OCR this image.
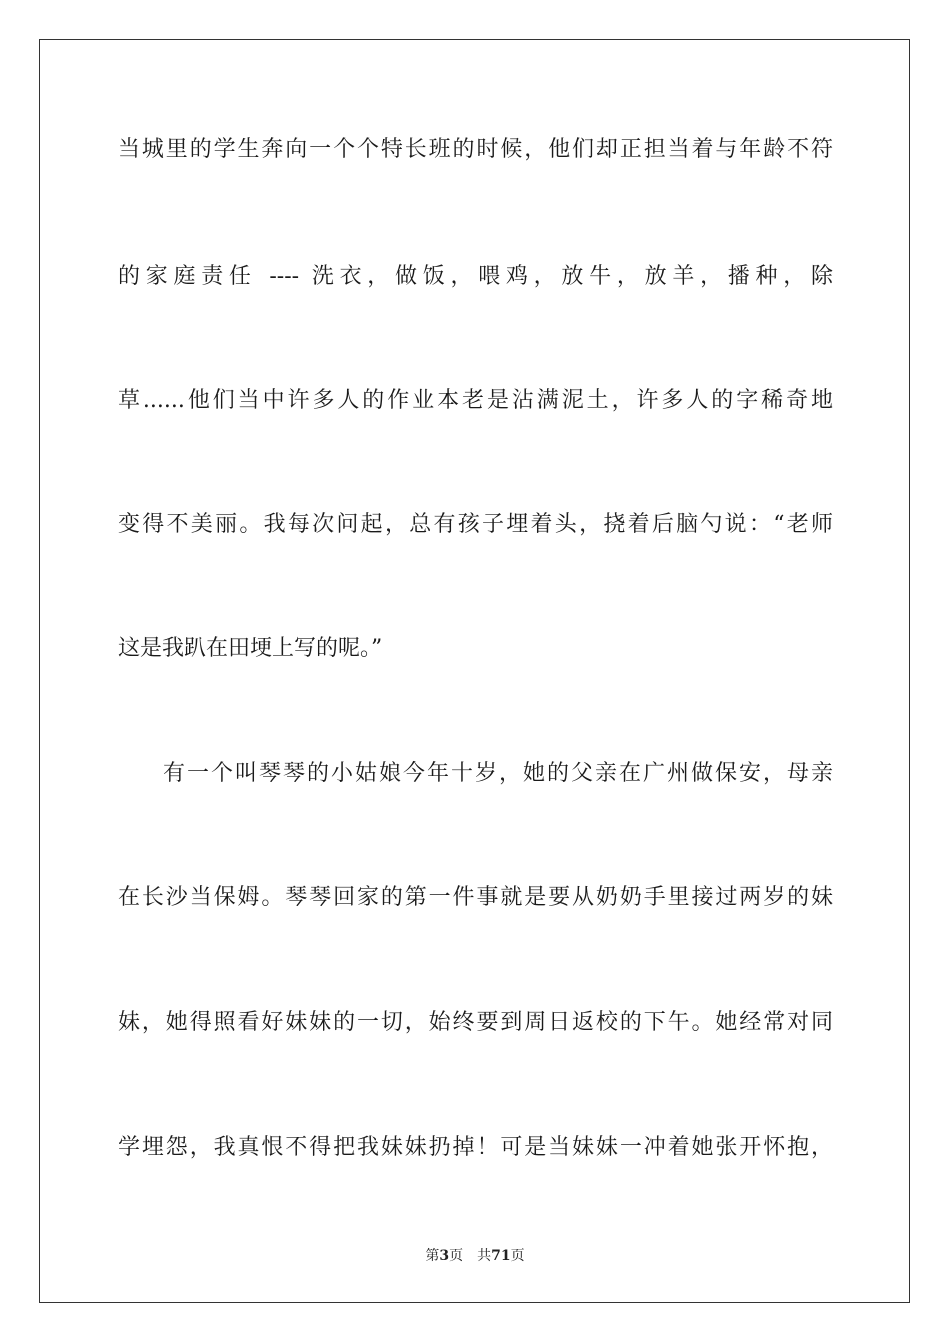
当城里的学生奔向一个个特长班的时候，他们却正担当着与年龄不符
的家庭责任 ---- 洗衣，做饭，喂鸡，放牛，放羊，播种，除
草......他们当中许多人的作业本老是沾满泥土，许多人的字稀奇地
变得不美丽。我每次问起，总有孩子埋着头，挠着后脑勺说：“老师
这是我趴在田埂上写的呢。”
有一个叫琴琴的小姑娘今年十岁，她的父亲在广州做保安，母亲
在长沙当保姆。琴琴回家的第一件事就是要从奶奶手里接过两岁的妹
妹，她得照看好妹妹的一切，始终要到周日返校的下午。她经常对同
学埋怨，我真恨不得把我妹妹扔掉！可是当妹妹一冲着她张开怀抱，
第3页 共71页
